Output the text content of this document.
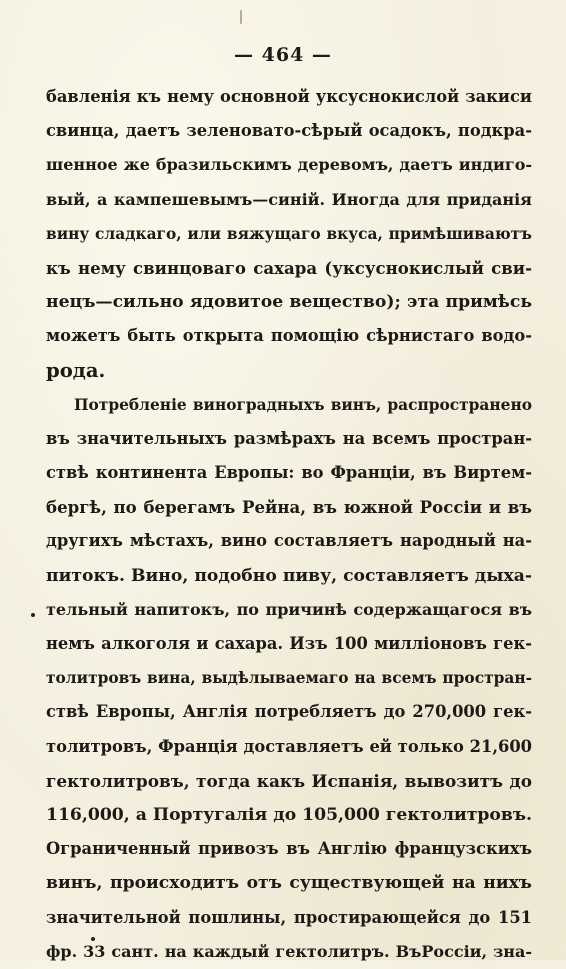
— 464 —
бавленія къ нему основной уксуснокислой закиси
свинца, даетъ зеленовато-сѣрый осадокъ, подкра-
шенное же бразильскимъ деревомъ, даетъ индиго-
вый, а кампешевымъ—синій. Иногда для приданія
вину сладкаго, или вяжущаго вкуса, примѣшиваютъ
къ нему свинцоваго сахара (уксуснокислый сви-
нецъ—сильно ядовитое вещество); эта примѣсь
можетъ быть открыта помощію сѣрнистаго водо-
рода.
Потребленіе виноградныхъ винъ, распространено
въ значительныхъ размѣрахъ на всемъ простран-
ствѣ континента Европы: во Франціи, въ Виртем-
бергѣ, по берегамъ Рейна, въ южной Россіи и въ
другихъ мѣстахъ, вино составляетъ народный на-
питокъ. Вино, подобно пиву, составляетъ дыха-
тельный напитокъ, по причинѣ содержащагося въ
немъ алкоголя и сахара. Изъ 100 милліоновъ гек-
толитровъ вина, выдѣлываемаго на всемъ простран-
ствѣ Европы, Англія потребляетъ до 270,000 гек-
толитровъ, Франція доставляетъ ей только 21,600
гектолитровъ, тогда какъ Испанія, вывозитъ до
116,000, а Португалія до 105,000 гектолитровъ.
Ограниченный привозъ въ Англію французскихъ
винъ, происходитъ отъ существующей на нихъ
значительной пошлины, простирающейся до 151
фр. 33 сант. на каждый гектолитръ. ВъРоссіи, зна-
